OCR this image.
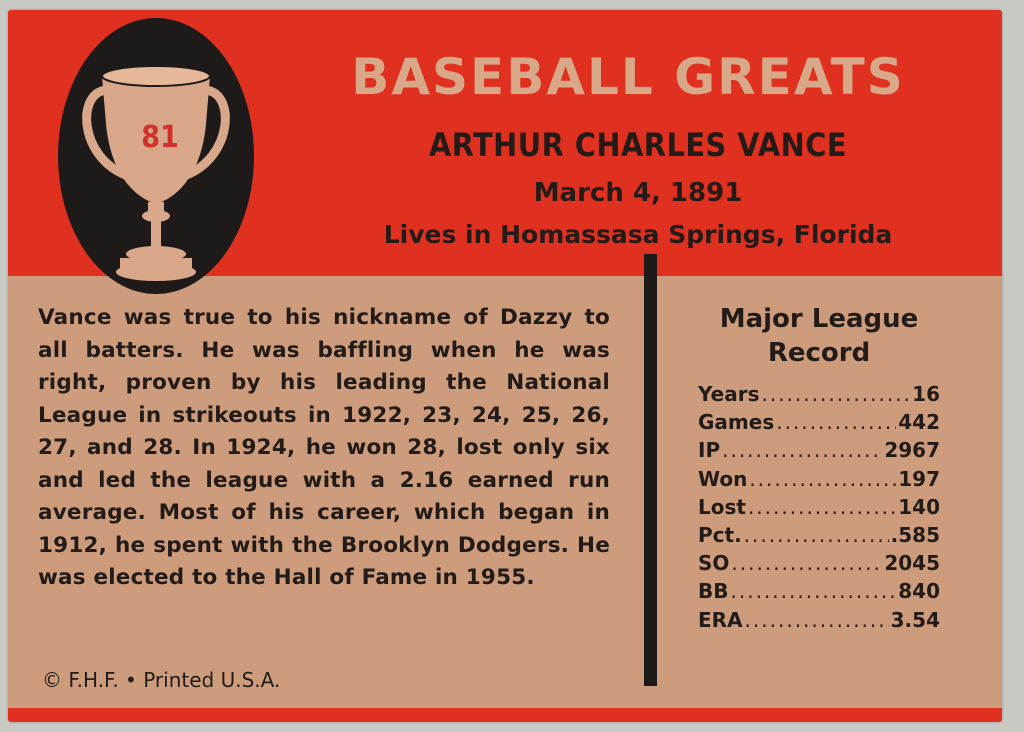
81
BASEBALL GREATS
ARTHUR CHARLES VANCE
March 4, 1891
Lives in Homassasa Springs, Florida
Vance was true to his nickname of Dazzy to all batters. He was baffling when he was right, proven by his leading the National League in strikeouts in 1922, 23, 24, 25, 26, 27, and 28. In 1924, he won 28, lost only six and led the league with a 2.16 earned run average. Most of his career, which began in 1912, he spent with the Brooklyn Dodgers. He was elected to the Hall of Fame in 1955.
© F.H.F. • Printed U.S.A.
Major League
Record
Years .....	16
Games .....	442
IP .....	2967
Won .....	197
Lost .....	140
Pct. .....	.585
SO .....	2045
BB .....	840
ERA .....	3.54
